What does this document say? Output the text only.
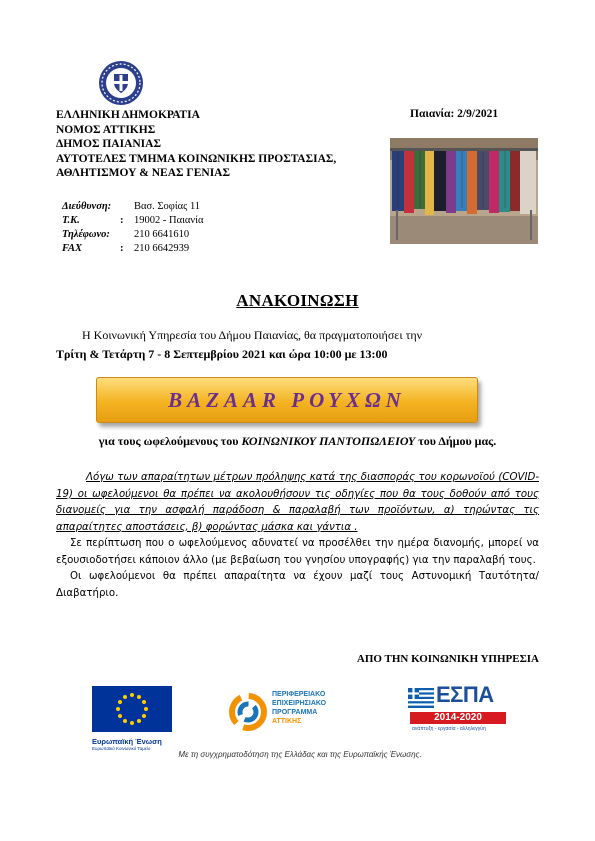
ΕΛΛΗΝΙΚΗ ΔΗΜΟΚΡΑΤΙΑ
ΝΟΜΟΣ ΑΤΤΙΚΗΣ
ΔΗΜΟΣ ΠΑΙΑΝΙΑΣ
ΑΥΤΟΤΕΛΕΣ ΤΜΗΜΑ ΚΟΙΝΩΝΙΚΗΣ ΠΡΟΣΤΑΣΙΑΣ,
ΑΘΛΗΤΙΣΜΟΥ & ΝΕΑΣ ΓΕΝΙΑΣ
Παιανία: 2/9/2021
Διεύθυνση:	Βασ. Σοφίας 11
Τ.Κ.	:	19002 - Παιανία
Τηλέφωνο:	210 6641610
FAX	:	210 6642939
ΑΝΑΚΟΙΝΩΣΗ
Η Κοινωνική Υπηρεσία του Δήμου Παιανίας, θα πραγματοποιήσει την
Τρίτη & Τετάρτη 7 - 8 Σεπτεμβρίου 2021 και ώρα 10:00 με 13:00
BAZAAR ΡΟΥΧΩΝ
για τους ωφελούμενους του ΚΟΙΝΩΝΙΚΟΥ ΠΑΝΤΟΠΩΛΕΙΟΥ του Δήμου μας.
Λόγω των απαραίτητων μέτρων πρόληψης κατά της διασποράς του κορωνοϊού (COVID-19) οι ωφελούμενοι θα πρέπει να ακολουθήσουν τις οδηγίες που θα τους δοθούν από τους διανομείς για την ασφαλή παράδοση & παραλαβή των προϊόντων, α) τηρώντας τις απαραίτητες αποστάσεις, β) φορώντας μάσκα και γάντια .
Σε περίπτωση που ο ωφελούμενος αδυνατεί να προσέλθει την ημέρα διανομής, μπορεί να εξουσιοδοτήσει κάποιον άλλο (με βεβαίωση του γνησίου υπογραφής) για την παραλαβή τους.
Οι ωφελούμενοι θα πρέπει απαραίτητα να έχουν μαζί τους Αστυνομική Ταυτότητα/Διαβατήριο.
ΑΠΟ ΤΗΝ ΚΟΙΝΩΝΙΚΗ ΥΠΗΡΕΣΙΑ
Ευρωπαϊκή Ένωση
Ευρωπαϊκό Κοινωνικό Ταμείο
ΠΕΡΙΦΕΡΕΙΑΚΟ
ΕΠΙΧΕΙΡΗΣΙΑΚΟ
ΠΡΟΓΡΑΜΜΑ
ΑΤΤΙΚΗΣ
ΕΣΠΑ
2014-2020
ανάπτυξη - εργασία - αλληλεγγύη
Με τη συγχρηματοδότηση της Ελλάδας και της Ευρωπαϊκής Ένωσης.
